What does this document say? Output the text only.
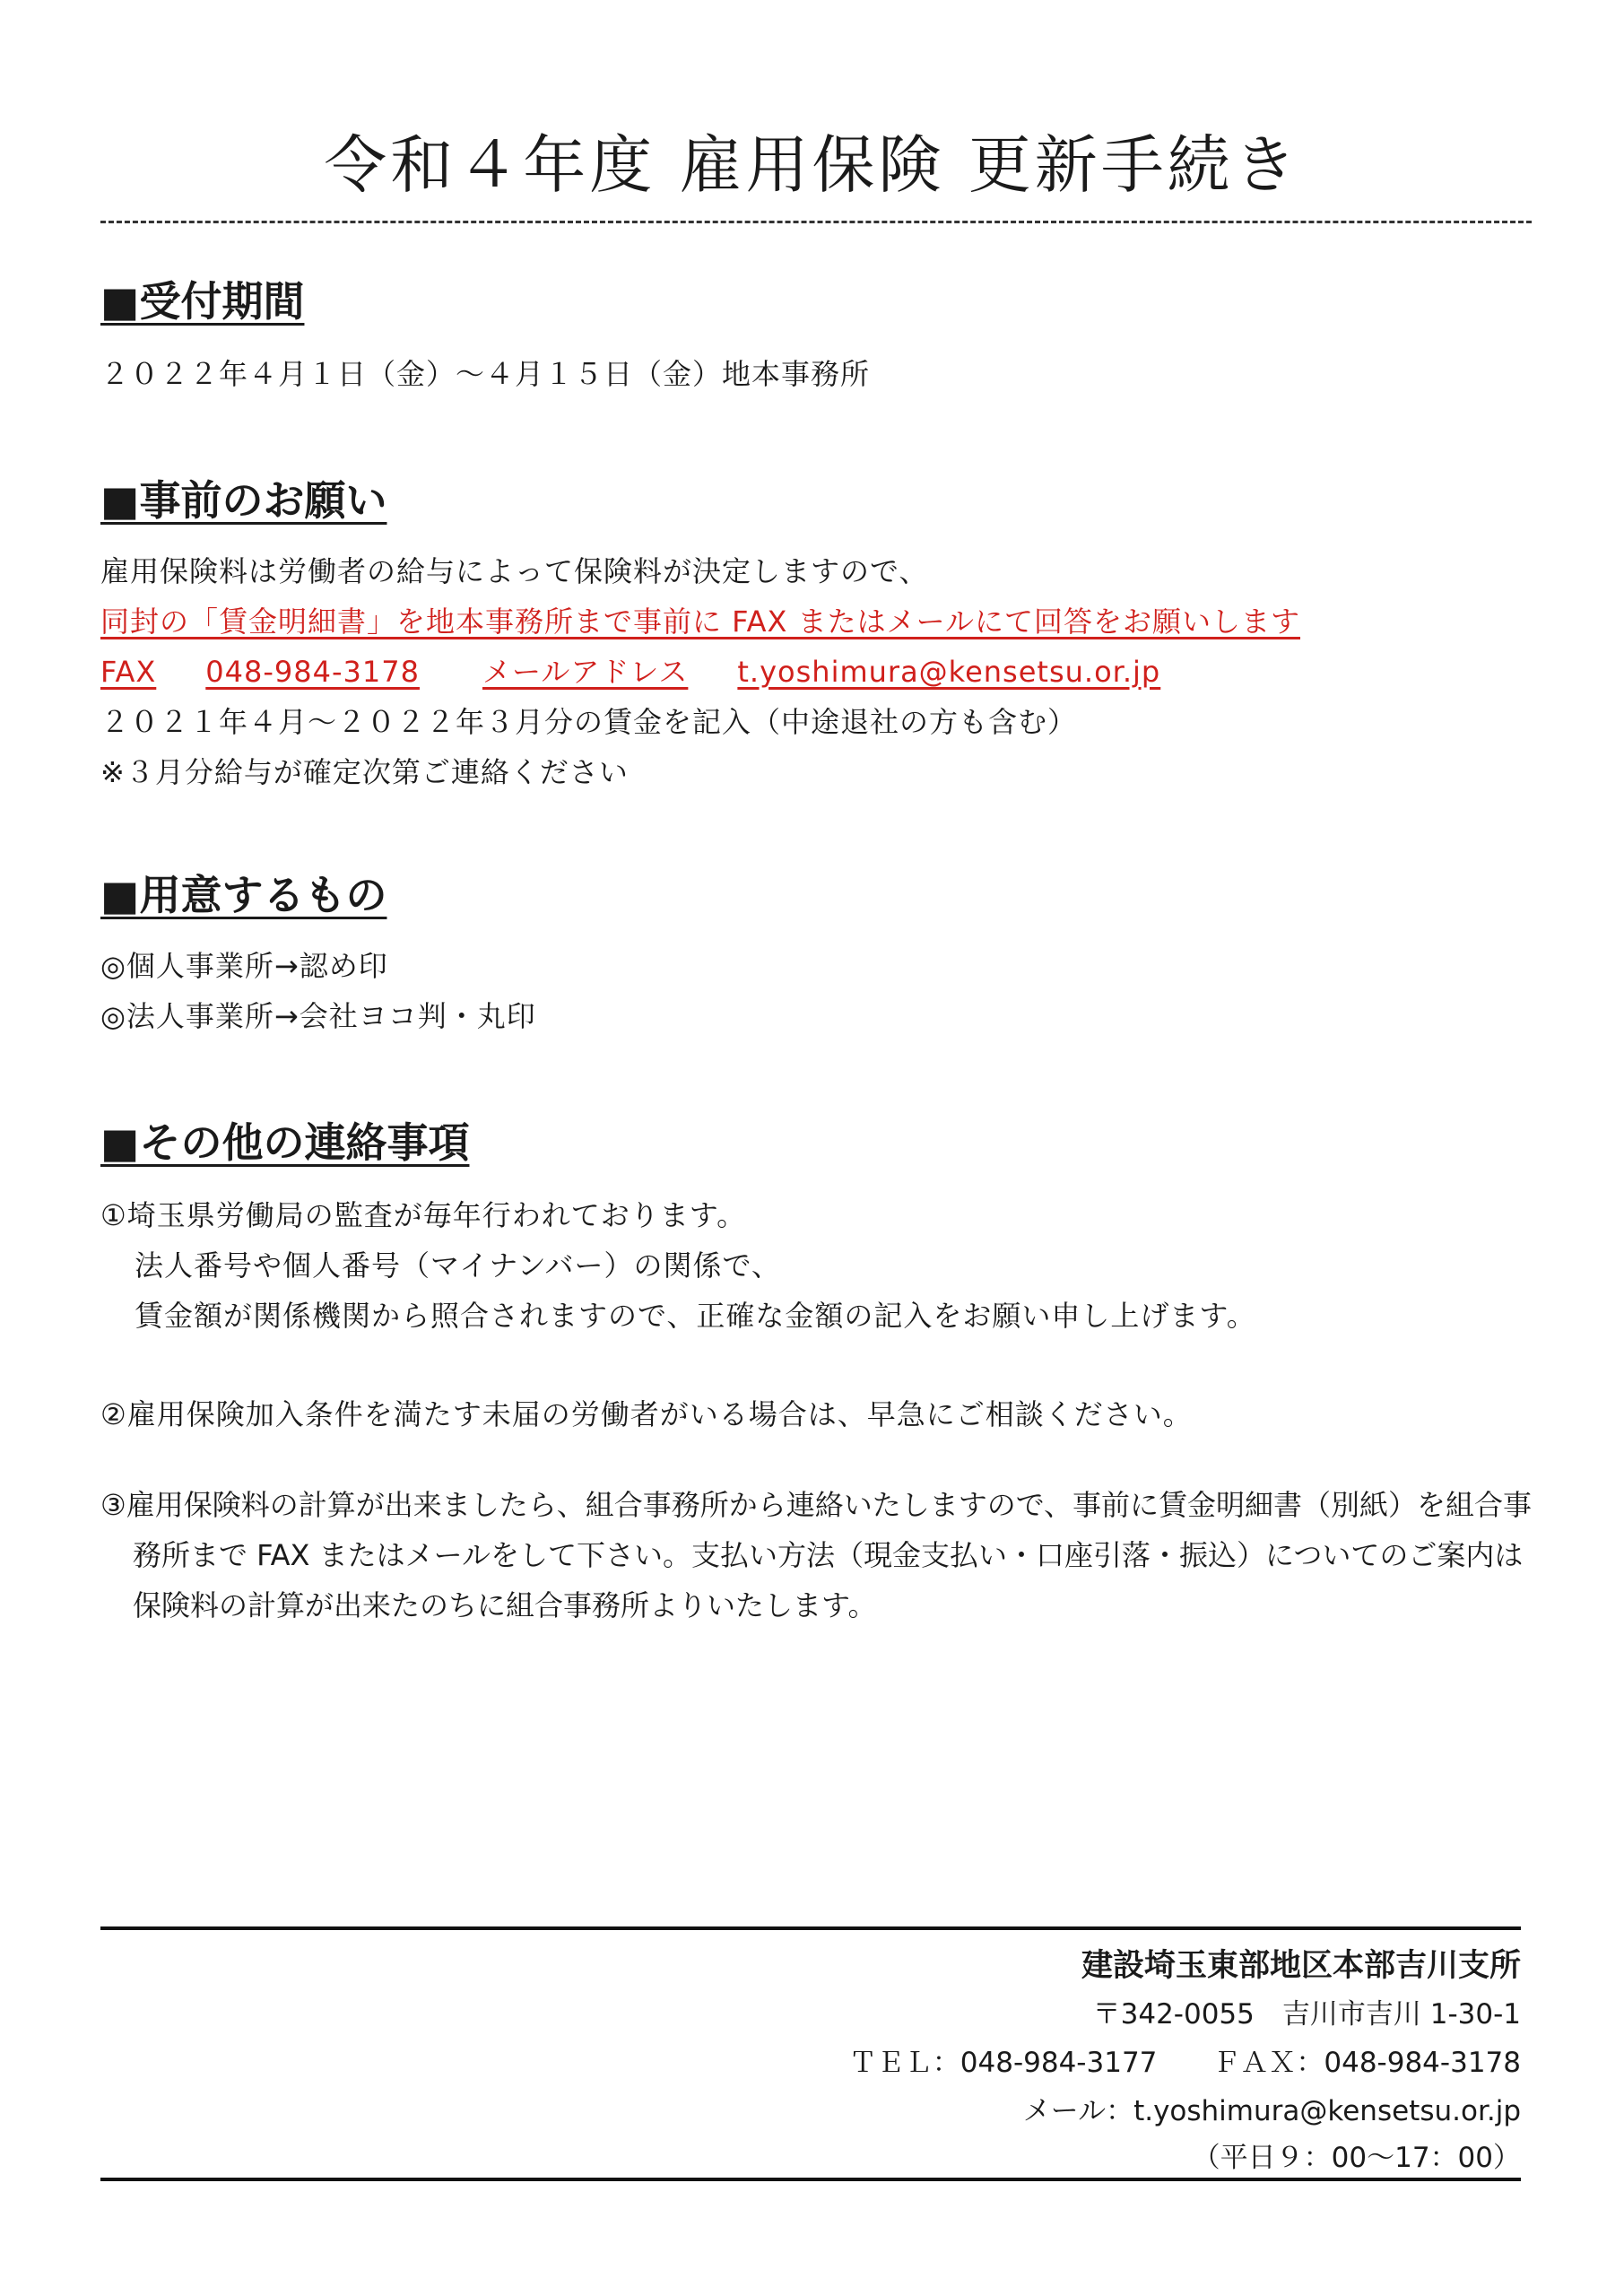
令和４年度 雇用保険 更新手続き
■受付期間

２０２２年４月１日（金）～４月１５日（金）地本事務所

■事前のお願い

雇用保険料は労働者の給与によって保険料が決定しますので、

同封の「賃金明細書」を地本事務所まで事前に FAX またはメールにて回答をお願いします

FAX 048-984-3178 メールアドレス t.yoshimura@kensetsu.or.jp

２０２１年４月～２０２２年３月分の賃金を記入（中途退社の方も含む）

※３月分給与が確定次第ご連絡ください

■用意するもの

◎個人事業所→認め印

◎法人事業所→会社ヨコ判・丸印

■その他の連絡事項

①埼玉県労働局の監査が毎年行われております。

法人番号や個人番号（マイナンバー）の関係で、

賃金額が関係機関から照合されますので、正確な金額の記入をお願い申し上げます。

②雇用保険加入条件を満たす未届の労働者がいる場合は、早急にご相談ください。

③雇用保険料の計算が出来ましたら、組合事務所から連絡いたしますので、事前に賃金明細書（別紙）を組合事務所まで FAX またはメールをして下さい。支払い方法（現金支払い・口座引落・振込）についてのご案内は保険料の計算が出来たのちに組合事務所よりいたします。

建設埼玉東部地区本部吉川支所

〒342-0055　吉川市吉川 1-30-1

ＴＥＬ：048-984-3177　　ＦＡＸ：048-984-3178

メール：t.yoshimura@kensetsu.or.jp

（平日９：00～17：00）
